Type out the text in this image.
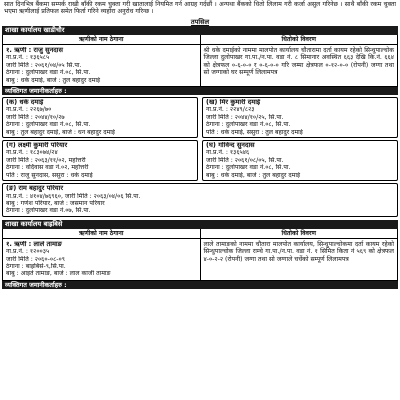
सात दिनभित्र बैंकमा सम्पर्क राखी बाँकी रकम चुक्ता गरी खातालाई नियमित गर्न आग्रह गर्दछौं । अन्यथा बैंकको धितो लिलाम गरी कर्जा असुल गरिनेछ । साथै बाँकी रकम चुक्ता भएमा ऋणीलाई प्रतिफल समेत फिर्ता गरिने व्यहोरा अनुरोध गरिन्छ ।
तपसिल
शाखा कार्यालय खाडीचौर
ऋणीको नाम ठेगाना	धितोको विवरण
१. ऋणी : राजु सुनदास
ना.प्र.नं. : १३६५८५
जारी मिति : २०६१/०४/०५ सि.पा.
ठेगाना : दुलोपाखर वडा नं.०८, सि.पा.
बाबु : धके दमाई, बाजे : तुल बहादुर दमाई
श्री धके दमाईको नाममा मालपोत कार्यालय चौतारामा दर्ता कायम रहेको सिन्धुपाल्चोक जिल्ला दुलोपाखर गा.पा./न.पा. वडा नं. ८ सिमानार अवस्थित ६६३ देखि कि.नं. ६६४ को क्षेत्रफल ०-६-०-० र ०-६-०-० गरि जम्मा क्षेत्रफल ०-१२-०-० (रोपनी) जग्गा तथा सो जग्गाको घर सम्पूर्ण लिलामपत्र
व्यक्तिगत जमानीकर्ताहरु :
(क) धके दमाई
ना.प्र.नं. : २२६७/७०
जारी मिति : २०४४/१०/२७
ठेगाना : दुलोपाखर वडा नं.०८, सि.पा.
बाबु : तुल बहादुर दमाई, बाजे : धन बहादुर दमाई
(ख) मिर कुमारी दमाई
ना.प्र.नं. : २२४९/८२३
जारी मिति : २०४४/१०/२५, सि.पा.
ठेगाना : दुलोपाखर वडा नं.०८, सि.पा.
पति : धके दमाई, ससुरा : तुल बहादुर दमाई
(ग) लक्ष्मी कुमारी परियार
ना.प्र.नं. : १८३०७४/२४
जारी मिति : २०६३/११/०२, महोत्तरी
ठेगाना : वर्दिवास वडा नं.०२, महोत्तरी
पति : राजु सुनदास, ससुरा : धके दमाई
(घ) गोविन्द सुनदास
ना.प्र.नं. : १३६५४६
जारी मिति : २०६१/०८/०५, सि.पा.
ठेगाना : दुलोपाखर वडा नं.०८, सि.पा.
बाबु : धके दमाई, बाजे : तुल बहादुर दमाई
(ङ) राम बहादुर परियार
ना.प्र.नं. : ४१०४/७६९६०, जारी मिति : २०६३/०४/०६ सि.पा.
बाबु : गणेश परियार, बाजे : जसमान परियार
ठेगाना : दुलोपाखर वडा नं.०७, सि.पा.
शाखा कार्यालय बाह्रबिसे
ऋणीको नाम ठेगाना	धितोको विवरण
१. ऋणी : लाले तामाङ
ना.प्र.नं. : १२००३५
जारी मिति : २०६०-०८-०९
ठेगाना : बाह्रबिसे-९,सि.पा.
बाबु : आइते तामाङ, बाजे : लाल काजी तामाङ
लाले तामाङको नाममा चौतारा मालपोत कार्यालय, सिन्धुपाल्चोकमा दर्ता कायम रहेको सिन्धुपाल्चोक जिल्ला राम्चे गा.पा./न.पा. वडा नं. १ सिमित किता नं ५६९ को क्षेत्रफल ४-०-२-२ (रोपनी) जग्गा तथा सो जग्गाले चर्चेको सम्पूर्ण लिलामपत्र
व्यक्तिगत जमानीकर्ताहरु :
